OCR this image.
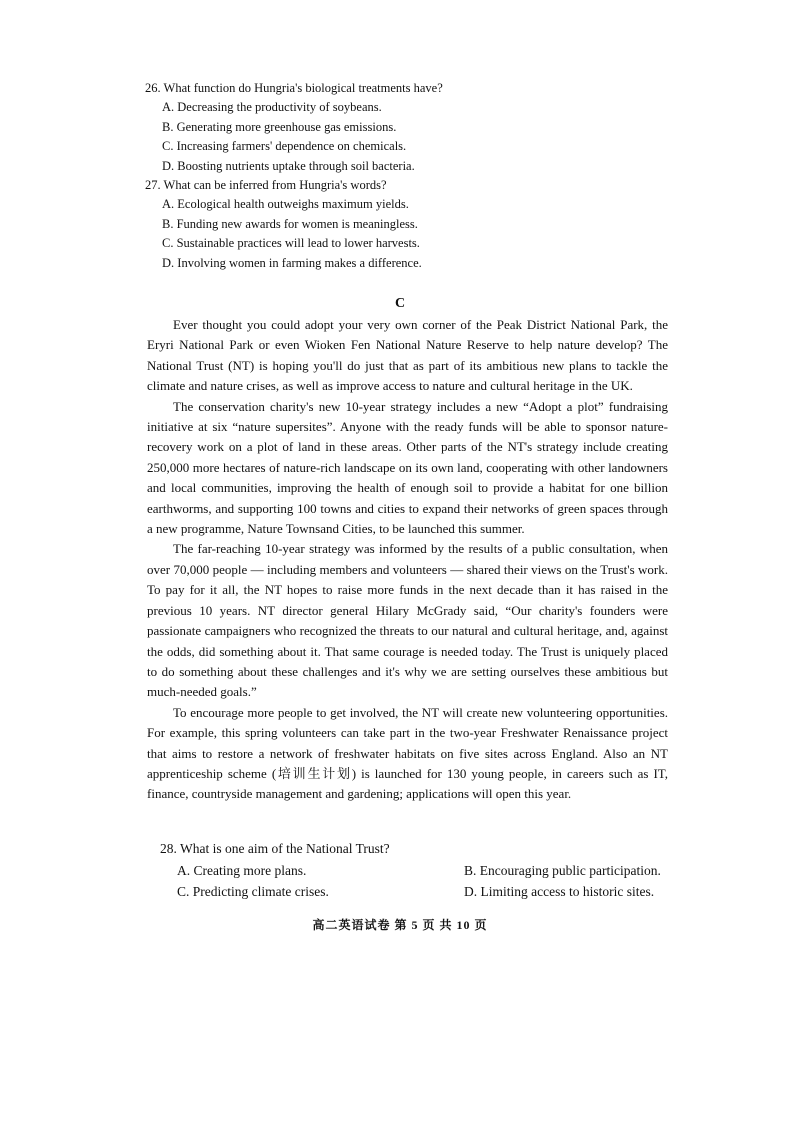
26. What function do Hungria's biological treatments have?
A. Decreasing the productivity of soybeans.
B. Generating more greenhouse gas emissions.
C. Increasing farmers' dependence on chemicals.
D. Boosting nutrients uptake through soil bacteria.
27. What can be inferred from Hungria's words?
A. Ecological health outweighs maximum yields.
B. Funding new awards for women is meaningless.
C. Sustainable practices will lead to lower harvests.
D. Involving women in farming makes a difference.
C

Ever thought you could adopt your very own corner of the Peak District National Park, the Eryri National Park or even Wioken Fen National Nature Reserve to help nature develop? The National Trust (NT) is hoping you'll do just that as part of its ambitious new plans to tackle the climate and nature crises, as well as improve access to nature and cultural heritage in the UK.

The conservation charity's new 10-year strategy includes a new “Adopt a plot” fundraising initiative at six “nature supersites”. Anyone with the ready funds will be able to sponsor nature-recovery work on a plot of land in these areas. Other parts of the NT's strategy include creating 250,000 more hectares of nature-rich landscape on its own land, cooperating with other landowners and local communities, improving the health of enough soil to provide a habitat for one billion earthworms, and supporting 100 towns and cities to expand their networks of green spaces through a new programme, Nature Townsand Cities, to be launched this summer.

The far-reaching 10-year strategy was informed by the results of a public consultation, when over 70,000 people — including members and volunteers — shared their views on the Trust's work. To pay for it all, the NT hopes to raise more funds in the next decade than it has raised in the previous 10 years. NT director general Hilary McGrady said, “Our charity's founders were passionate campaigners who recognized the threats to our natural and cultural heritage, and, against the odds, did something about it. That same courage is needed today. The Trust is uniquely placed to do something about these challenges and it's why we are setting ourselves these ambitious but much-needed goals.”

To encourage more people to get involved, the NT will create new volunteering opportunities. For example, this spring volunteers can take part in the two-year Freshwater Renaissance project that aims to restore a network of freshwater habitats on five sites across England. Also an NT apprenticeship scheme (培训生计划) is launched for 130 young people, in careers such as IT, finance, countryside management and gardening; applications will open this year.

28. What is one aim of the National Trust?
A. Creating more plans.	B. Encouraging public participation.
C. Predicting climate crises.	D. Limiting access to historic sites.
高二英语试卷 第 5 页 共 10 页
